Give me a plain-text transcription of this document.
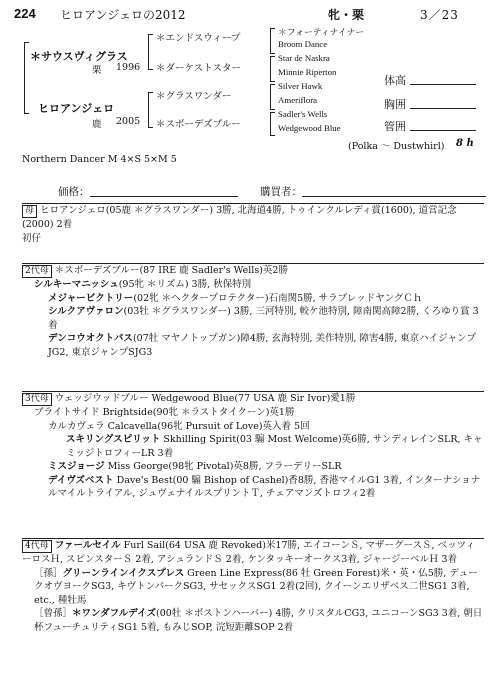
224 ヒロアンジェロの2012	牝・栗	3／23
＊サウスヴィグラス
栗 1996
ヒロアンジェロ
鹿 2005
＊エンドスウィープ
＊ダーケストスター
＊グラスワンダー
＊スボーデズブルー
＊フォーティナイナー
Broom Dance
Star de Naskra
Minnie Riperton
Silver Hawk
Ameriflora
Sadler's Wells
Wedgewood Blue
体高
胸囲
管囲
(Polka ～ Dustwhirl) 8 h
Northern Dancer M 4×S 5×M 5
価格：	購買者：
母 ヒロアンジェロ(05鹿 ＊グラスワンダー) 3勝, 北海道4勝, トゥインクルレディ賞(1600), 道営記念(2000) 2着
初仔
2代母 ＊スボーデズブルー(87 IRE 鹿 Sadler's Wells)英2勝
シルキーマニッシュ(95牝 ＊リズム) 3勝, 秋保特別
メジャービクトリー(02牝 ＊ヘクタープロテクター)石南関5勝, サラブレッドヤングＣｈ
シルクアヴァロン(03牡 ＊グラスワンダー) 3勝, 三河特別, 較ケ池特別, 障南関高障2勝, くろゆり賞 3着
デンコウオクトパス(07牡 マヤノトップガン)障4勝, 玄海特別, 美作特別, 障害4勝, 東京ハイジャンプJG2, 東京ジャンプSJG3
3代母 ウェッジウッドブルー Wedgewood Blue(77 USA 鹿 Sir Ivor)愛1勝
ブライトサイド Brightside(90牝 ＊ラストタイクーン)英1勝
カルカヴェラ Calcavella(96牝 Pursuit of Love)英入着 5回
スキリングスピリット Skhilling Spirit(03 騸 Most Welcome)英6勝, サンディレインSLR, キャミッジトロフィーLR 3着
ミスジョージ Miss George(98牝 Pivotal)英8勝, フラーデリーSLR
デイヴズベスト Dave's Best(00 騸 Bishop of Cashel)香8勝, 香港マイルG1 3着, インターナショナルマイルトライアル, ジュヴェナイルスプリントＴ, チェアマンズトロフィ2着
4代母 ファールセイル Furl Sail(64 USA 鹿 Revoked)米17勝, エイコーンＳ, マザーグースＳ, ベッツィーロスＨ, スピンスターＳ 2着, アシュランドＳ 2着, ケンタッキーオークス3着, ジャージーベルＨ 3着
［孫］グリーンラインイクスプレス Green Line Express(86 牡 Green Forest)米・英・仏5勝, デュークオヴヨークSG3, キヴトンパークSG3, サセックスSG1 2着(2回), クイーンエリザベス二世SG1 3着, etc., 種牡馬
［曾孫］＊ワンダフルデイズ(00牡 ＊ボストンハーバー) 4勝, クリスタルCG3, ユニコーンSG3 3着, 朝日杯フューチュリティSG1 5着, もみじSOP, 浣短距離SOP 2着
